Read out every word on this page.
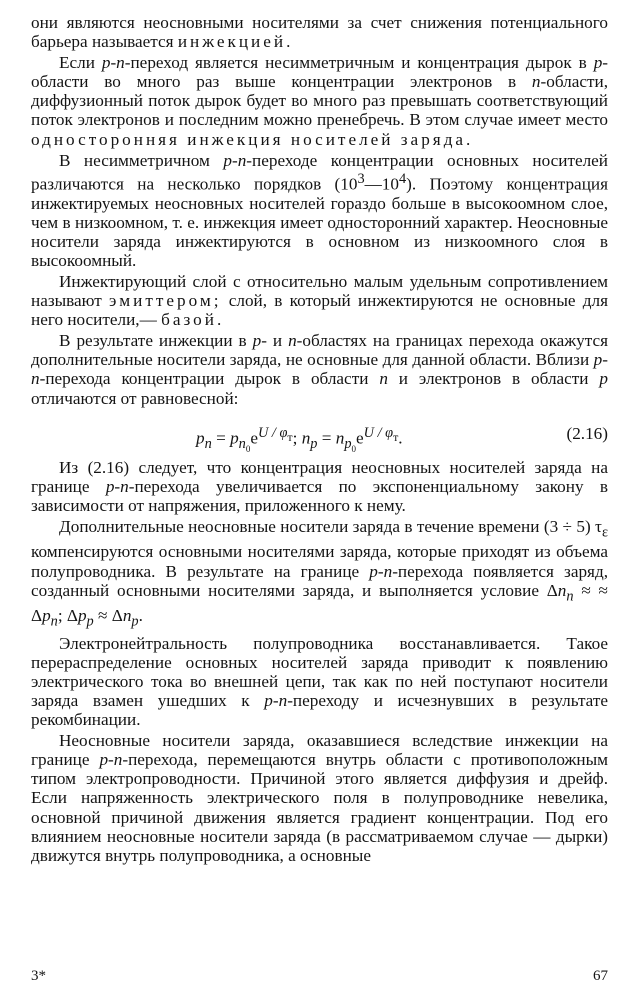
они являются неосновными носителями за счет снижения потенциального барьера называется инжекцией.

Если p-n-переход является несимметричным и концентрация дырок в p-области во много раз выше концентрации электронов в n-области, диффузионный поток дырок будет во много раз превышать соответствующий поток электронов и последним можно пренебречь. В этом случае имеет место односторонняя инжекция носителей заряда.

В несимметричном p-n-переходе концентрации основных носителей различаются на несколько порядков $(10^3—10^4)$. Поэтому концентрация инжектируемых неосновных носителей гораздо больше в высокоомном слое, чем в низкоомном, т. е. инжекция имеет односторонний характер. Неосновные носители заряда инжектируются в основном из низкоомного слоя в высокоомный.

Инжектирующий слой с относительно малым удельным сопротивлением называют эмиттером; слой, в который инжектируются не основные для него носители,— базой.

В результате инжекции в p- и n-областях на границах перехода окажутся дополнительные носители заряда, не основные для данной области. Вблизи p-n-перехода концентрации дырок в области n и электронов в области p отличаются от равновесной:

$p_n = p_{n_0}e^{U / \varphi_т}$; $n_p = n_{p_0}e^{U / \varphi_т}$.	(2.16)

Из (2.16) следует, что концентрация неосновных носителей заряда на границе p-n-перехода увеличивается по экспоненциальному закону в зависимости от напряжения, приложенного к нему.

Дополнительные неосновные носители заряда в течение времени (3 ÷ 5) $\tau_\varepsilon$ компенсируются основными носителями заряда, которые приходят из объема полупроводника. В результате на границе p-n-перехода появляется заряд, созданный основными носителями заряда, и выполняется условие $\Delta n_n$ ≈ ≈ $\Delta p_n$; $\Delta p_p \approx \Delta n_p$.

Электронейтральность полупроводника восстанавливается. Такое перераспределение основных носителей заряда приводит к появлению электрического тока во внешней цепи, так как по ней поступают носители заряда взамен ушедших к p-n-переходу и исчезнувших в результате рекомбинации.

Неосновные носители заряда, оказавшиеся вследствие инжекции на границе p-n-перехода, перемещаются внутрь области с противоположным типом электропроводности. Причиной этого является диффузия и дрейф. Если напряженность электрического поля в полупроводнике невелика, основной причиной движения является градиент концентрации. Под его влиянием неосновные носители заряда (в рассматриваемом случае — дырки) движутся внутрь полупроводника, а основные

3*	67
